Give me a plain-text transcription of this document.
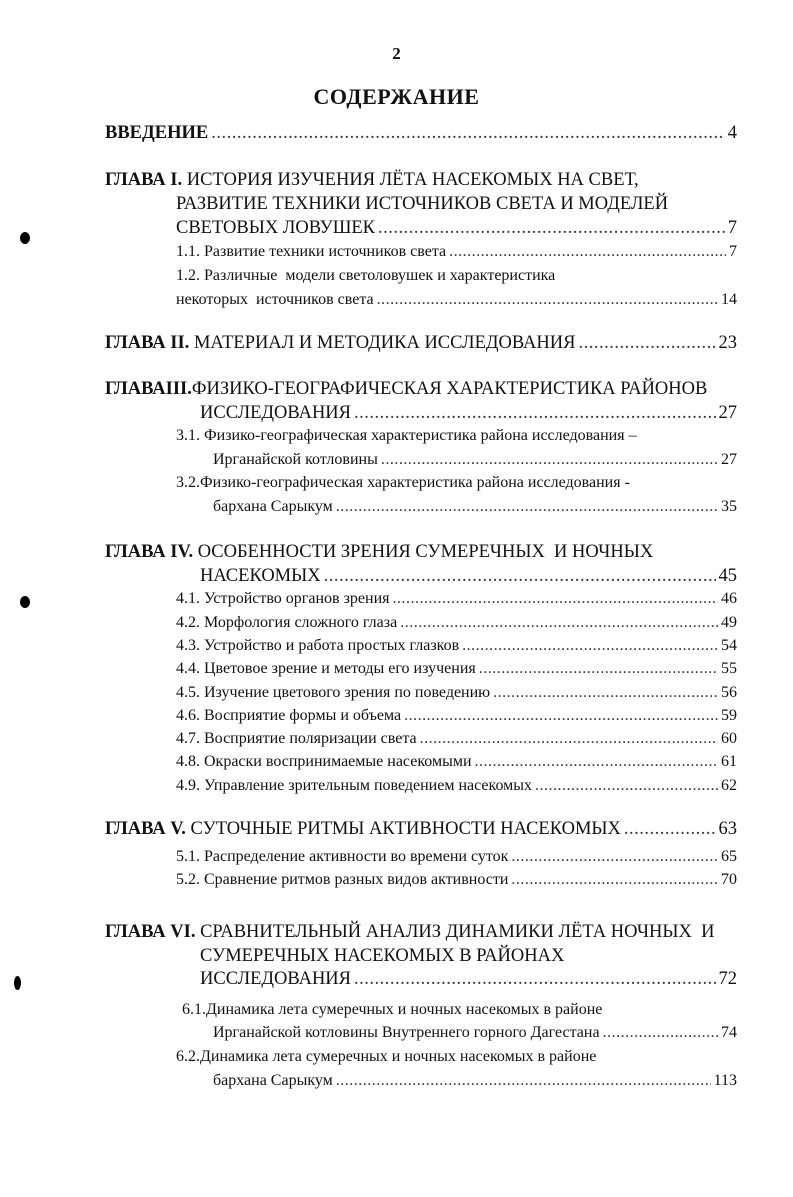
2
СОДЕРЖАНИЕ
ВВЕДЕНИЕ .....	4
ГЛАВА I. ИСТОРИЯ ИЗУЧЕНИЯ ЛЁТА НАСЕКОМЫХ НА СВЕТ,
РАЗВИТИЕ ТЕХНИКИ ИСТОЧНИКОВ СВЕТА И МОДЕЛЕЙ
СВЕТОВЫХ ЛОВУШЕК .....	7
1.1. Развитие техники источников света .....	7
1.2. Различные  модели светоловушек и характеристика
некоторых  источников света .....	14
ГЛАВА II. МАТЕРИАЛ И МЕТОДИКА ИССЛЕДОВАНИЯ .....	23
ГЛАВАIII. ФИЗИКО-ГЕОГРАФИЧЕСКАЯ ХАРАКТЕРИСТИКА РАЙОНОВ
ИССЛЕДОВАНИЯ .....	27
3.1. Физико-географическая характеристика района исследования –
Ирганайской котловины .....	27
3.2.Физико-географическая характеристика района исследования -
бархана Сарыкум .....	35
ГЛАВА IV. ОСОБЕННОСТИ ЗРЕНИЯ СУМЕРЕЧНЫХ  И НОЧНЫХ
НАСЕКОМЫХ .....	45
4.1. Устройство органов зрения .....	46
4.2. Морфология сложного глаза .....	49
4.3. Устройство и работа простых глазков .....	54
4.4. Цветовое зрение и методы его изучения .....	55
4.5. Изучение цветового зрения по поведению .....	56
4.6. Восприятие формы и объема .....	59
4.7. Восприятие поляризации света .....	60
4.8. Окраски воспринимаемые насекомыми .....	61
4.9. Управление зрительным поведением насекомых .....	62
ГЛАВА V. СУТОЧНЫЕ РИТМЫ АКТИВНОСТИ НАСЕКОМЫХ .....	63
5.1. Распределение активности во времени суток .....	65
5.2. Сравнение ритмов разных видов активности .....	70
ГЛАВА VI. СРАВНИТЕЛЬНЫЙ АНАЛИЗ ДИНАМИКИ ЛЁТА НОЧНЫХ  И
СУМЕРЕЧНЫХ НАСЕКОМЫХ В РАЙОНАХ
ИССЛЕДОВАНИЯ .....	72
6.1.Динамика лета сумеречных и ночных насекомых в районе
Ирганайской котловины Внутреннего горного Дагестана .....	74
6.2.Динамика лета сумеречных и ночных насекомых в районе
бархана Сарыкум .....	113
